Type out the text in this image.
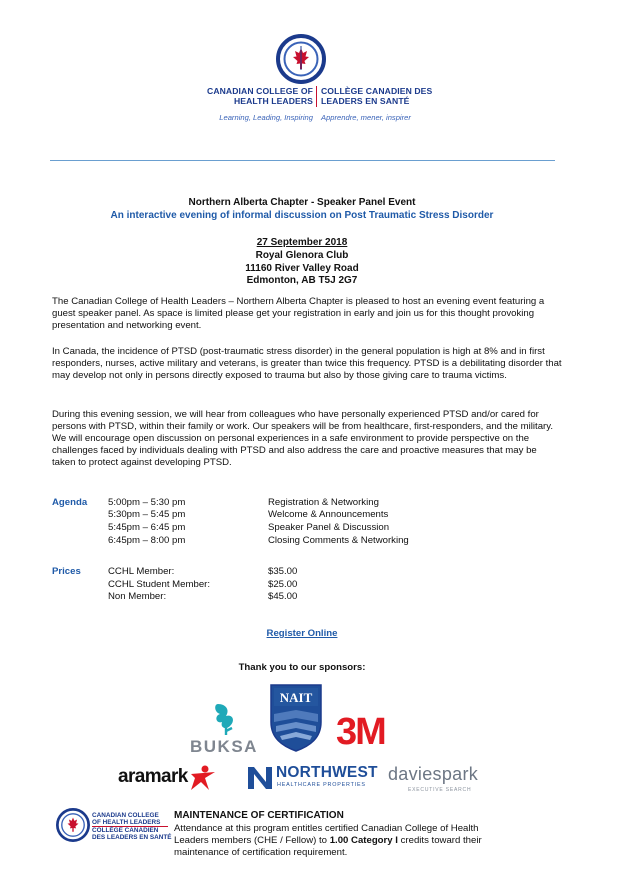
CANADIAN COLLEGE OF HEALTH LEADERS
COLLÈGE CANADIEN DES LEADERS EN SANTÉ
Learning, Leading, Inspiring Apprendre, mener, inspirer
Northern Alberta Chapter - Speaker Panel Event
An interactive evening of informal discussion on Post Traumatic Stress Disorder
27 September 2018
Royal Glenora Club
11160 River Valley Road
Edmonton, AB T5J 2G7
The Canadian College of Health Leaders – Northern Alberta Chapter is pleased to host an evening event featuring a guest speaker panel. As space is limited please get your registration in early and join us for this thought provoking presentation and networking event.
In Canada, the incidence of PTSD (post-traumatic stress disorder) in the general population is high at 8% and in first responders, nurses, active military and veterans, is greater than twice this frequency. PTSD is a debilitating disorder that may develop not only in persons directly exposed to trauma but also by those giving care to trauma victims.
During this evening session, we will hear from colleagues who have personally experienced PTSD and/or cared for persons with PTSD, within their family or work. Our speakers will be from healthcare, first-responders, and the military. We will encourage open discussion on personal experiences in a safe environment to provide perspective on the challenges faced by individuals dealing with PTSD and also address the care and proactive measures that may be taken to protect against developing PTSD.
Agenda 5:00pm – 5:30 pm	Registration & Networking
5:30pm – 5:45 pm	Welcome & Announcements
5:45pm – 6:45 pm	Speaker Panel & Discussion
6:45pm – 8:00 pm	Closing Comments & Networking
Prices	CCHL Member:	$35.00
CCHL Student Member:	$25.00
Non Member:	$45.00
Register Online
Thank you to our sponsors:
BUKSA
NAIT
3M
aramark	NORTHWEST
HEALTHCARE PROPERTIES
daviespark
EXECUTIVE SEARCH
CANADIAN COLLEGE OF HEALTH LEADERS
COLLÈGE CANADIEN DES LEADERS EN SANTÉ
MAINTENANCE OF CERTIFICATION
Attendance at this program entitles certified Canadian College of Health Leaders members (CHE / Fellow) to 1.00 Category I credits toward their maintenance of certification requirement.
